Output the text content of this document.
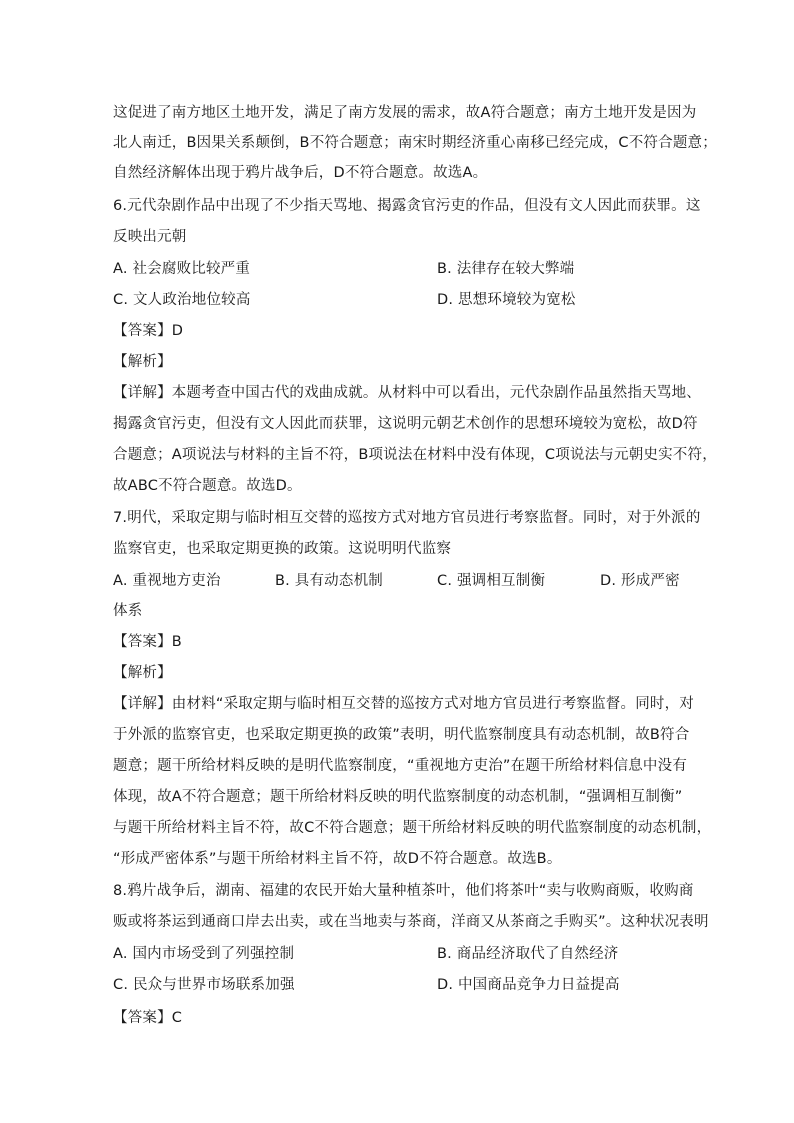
这促进了南方地区土地开发，满足了南方发展的需求，故A符合题意；南方土地开发是因为
北人南迁，B因果关系颠倒，B不符合题意；南宋时期经济重心南移已经完成，C不符合题意；
自然经济解体出现于鸦片战争后，D不符合题意。故选A。
6.元代杂剧作品中出现了不少指天骂地、揭露贪官污吏的作品，但没有文人因此而获罪。这
反映出元朝
A. 社会腐败比较严重	B. 法律存在较大弊端
C. 文人政治地位较高	D. 思想环境较为宽松
【答案】D
【解析】
【详解】本题考查中国古代的戏曲成就。从材料中可以看出，元代杂剧作品虽然指天骂地、
揭露贪官污吏，但没有文人因此而获罪，这说明元朝艺术创作的思想环境较为宽松，故D符
合题意；A项说法与材料的主旨不符，B项说法在材料中没有体现，C项说法与元朝史实不符，
故ABC不符合题意。故选D。
7.明代，采取定期与临时相互交替的巡按方式对地方官员进行考察监督。同时，对于外派的
监察官吏，也采取定期更换的政策。这说明明代监察
A. 重视地方吏治	B. 具有动态机制	C. 强调相互制衡	D. 形成严密
体系
【答案】B
【解析】
【详解】由材料“采取定期与临时相互交替的巡按方式对地方官员进行考察监督。同时，对
于外派的监察官吏，也采取定期更换的政策”表明，明代监察制度具有动态机制，故B符合
题意；题干所给材料反映的是明代监察制度，“重视地方吏治”在题干所给材料信息中没有
体现，故A不符合题意；题干所给材料反映的明代监察制度的动态机制，“强调相互制衡”
与题干所给材料主旨不符，故C不符合题意；题干所给材料反映的明代监察制度的动态机制，
“形成严密体系”与题干所给材料主旨不符，故D不符合题意。故选B。
8.鸦片战争后，湖南、福建的农民开始大量种植茶叶，他们将茶叶“卖与收购商贩，收购商
贩或将茶运到通商口岸去出卖，或在当地卖与茶商，洋商又从茶商之手购买”。这种状况表明
A. 国内市场受到了列强控制	B. 商品经济取代了自然经济
C. 民众与世界市场联系加强	D. 中国商品竞争力日益提高
【答案】C
